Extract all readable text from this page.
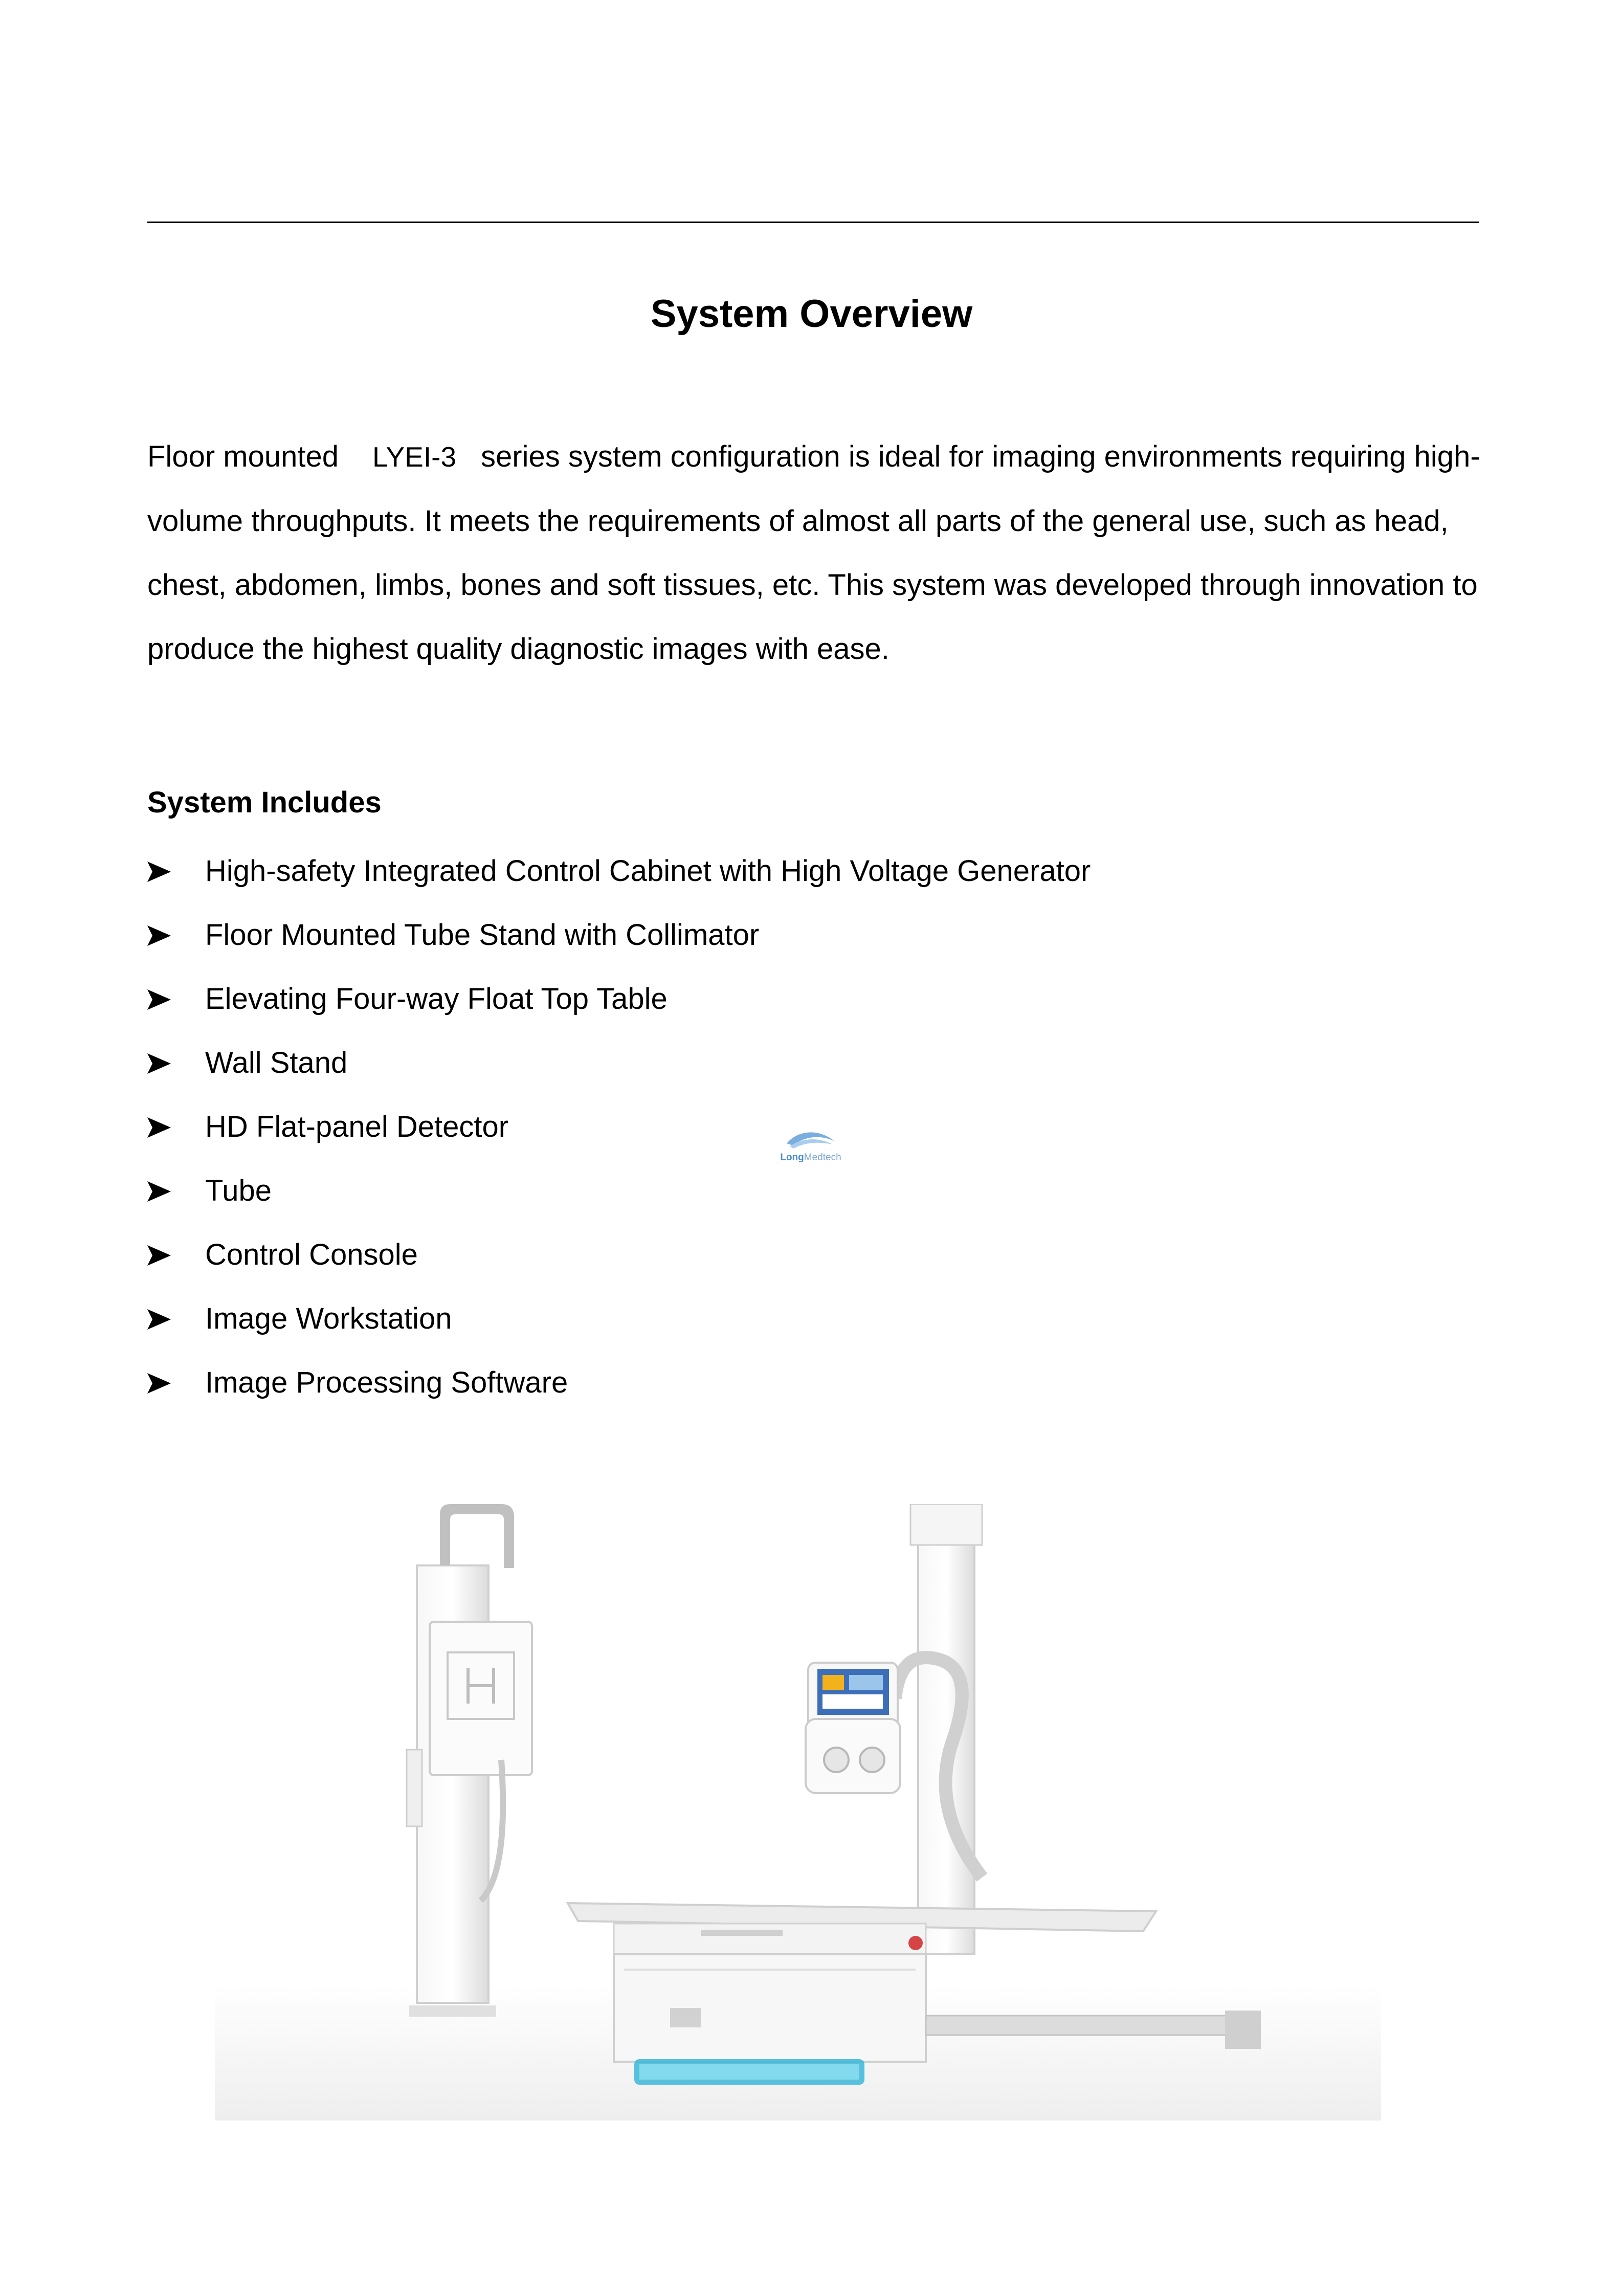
System Overview

Floor mounted LYEI-3 series system configuration is ideal for imaging environments requiring high-volume throughputs. It meets the requirements of almost all parts of the general use, such as head, chest, abdomen, limbs, bones and soft tissues, etc. This system was developed through innovation to produce the highest quality diagnostic images with ease.

System Includes
High-safety Integrated Control Cabinet with High Voltage Generator
Floor Mounted Tube Stand with Collimator
Elevating Four-way Float Top Table
Wall Stand
HD Flat-panel Detector
Tube
Control Console
Image Workstation
Image Processing Software
LongMedtech
